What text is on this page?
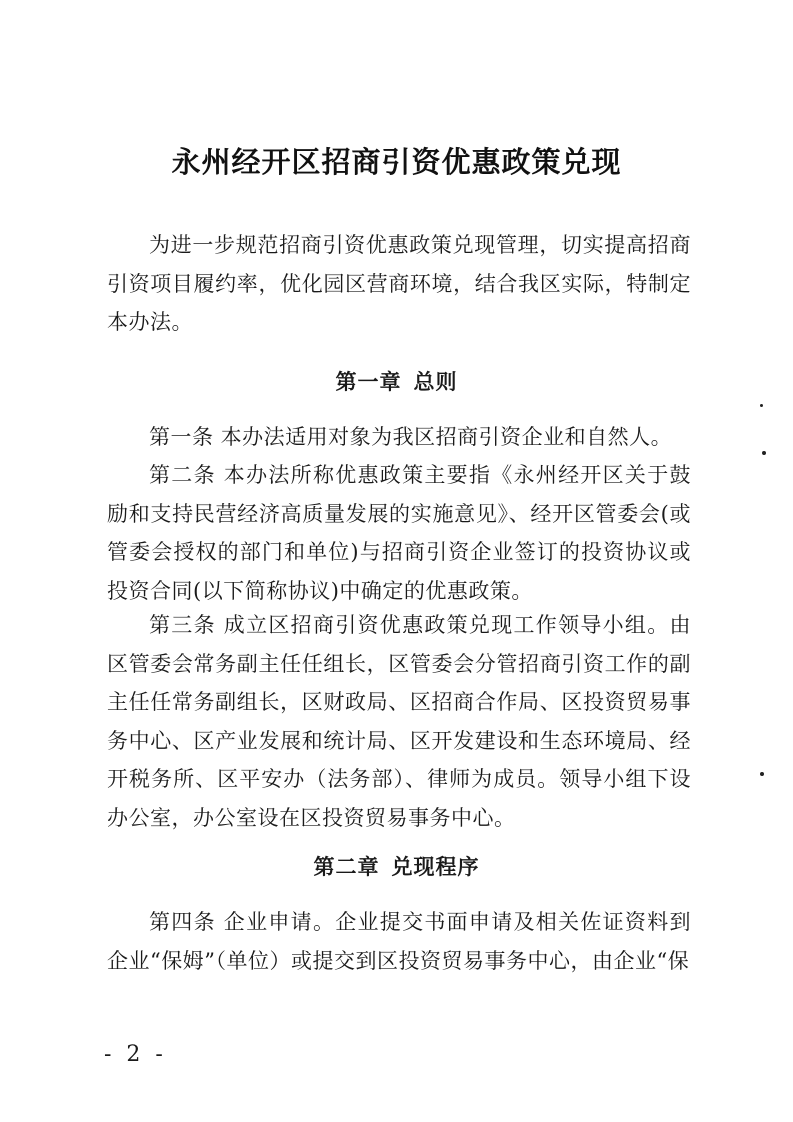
永州经开区招商引资优惠政策兑现
为进一步规范招商引资优惠政策兑现管理，切实提高招商引资项目履约率，优化园区营商环境，结合我区实际，特制定本办法。
第一章 总则
第一条 本办法适用对象为我区招商引资企业和自然人。
第二条 本办法所称优惠政策主要指《永州经开区关于鼓励和支持民营经济高质量发展的实施意见》、经开区管委会(或管委会授权的部门和单位)与招商引资企业签订的投资协议或投资合同(以下简称协议)中确定的优惠政策。
第三条 成立区招商引资优惠政策兑现工作领导小组。由区管委会常务副主任任组长，区管委会分管招商引资工作的副主任任常务副组长，区财政局、区招商合作局、区投资贸易事务中心、区产业发展和统计局、区开发建设和生态环境局、经开税务所、区平安办（法务部）、律师为成员。领导小组下设办公室，办公室设在区投资贸易事务中心。
第二章 兑现程序
第四条 企业申请。企业提交书面申请及相关佐证资料到企业“保姆”（单位）或提交到区投资贸易事务中心，由企业“保
- 2 -
